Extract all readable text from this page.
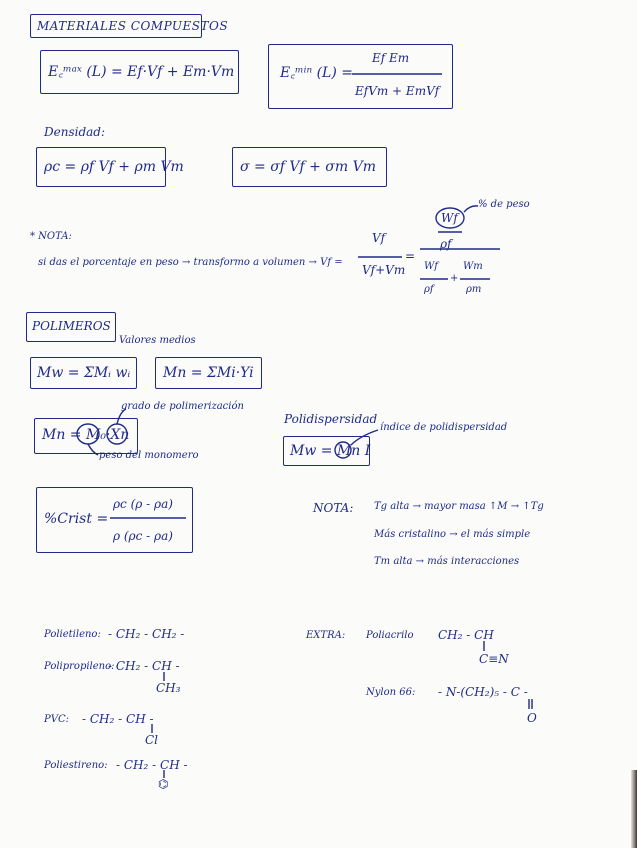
MATERIALES COMPUESTOS
E꜀ᵐᵃˣ (L) = Ef·Vf + Em·Vm	E꜀ᵐⁱⁿ (L) =
Ef Em
EfVm + EmVf
Densidad:
ρc = ρf Vf + ρm Vm	σ = σf Vf + σm Vm
* NOTA:
si das el porcentaje en peso → transformo a volumen → Vf =
Vf
Vf+Vm
=
Wf
ρf
% de peso
Wf
ρf
+
Wm
ρm
POLIMEROS
Valores medios
Mw = ΣMᵢ wᵢ Mn = ΣMi·Yi
grado de polimerización
Mn = M₀·Xn
peso del monomero
Polidispersidad
índice de polidispersidad
Mw = Mn I
%Crist =
ρc (ρ - ρa)
ρ (ρc - ρa)
NOTA: Tg alta → mayor masa ↑M → ↑Tg
Más cristalino → el más simple
Tm alta → más interacciones
Polietileno: - CH₂ - CH₂ -
Polipropileno:
- CH₂ - CH -
CH₃
PVC: - CH₂ - CH -
Cl
Poliestireno: - CH₂ - CH -
⌬
EXTRA: Poliacrilo CH₂ - CH
C≡N
Nylon 66: - N-(CH₂)₅ - C -
O
